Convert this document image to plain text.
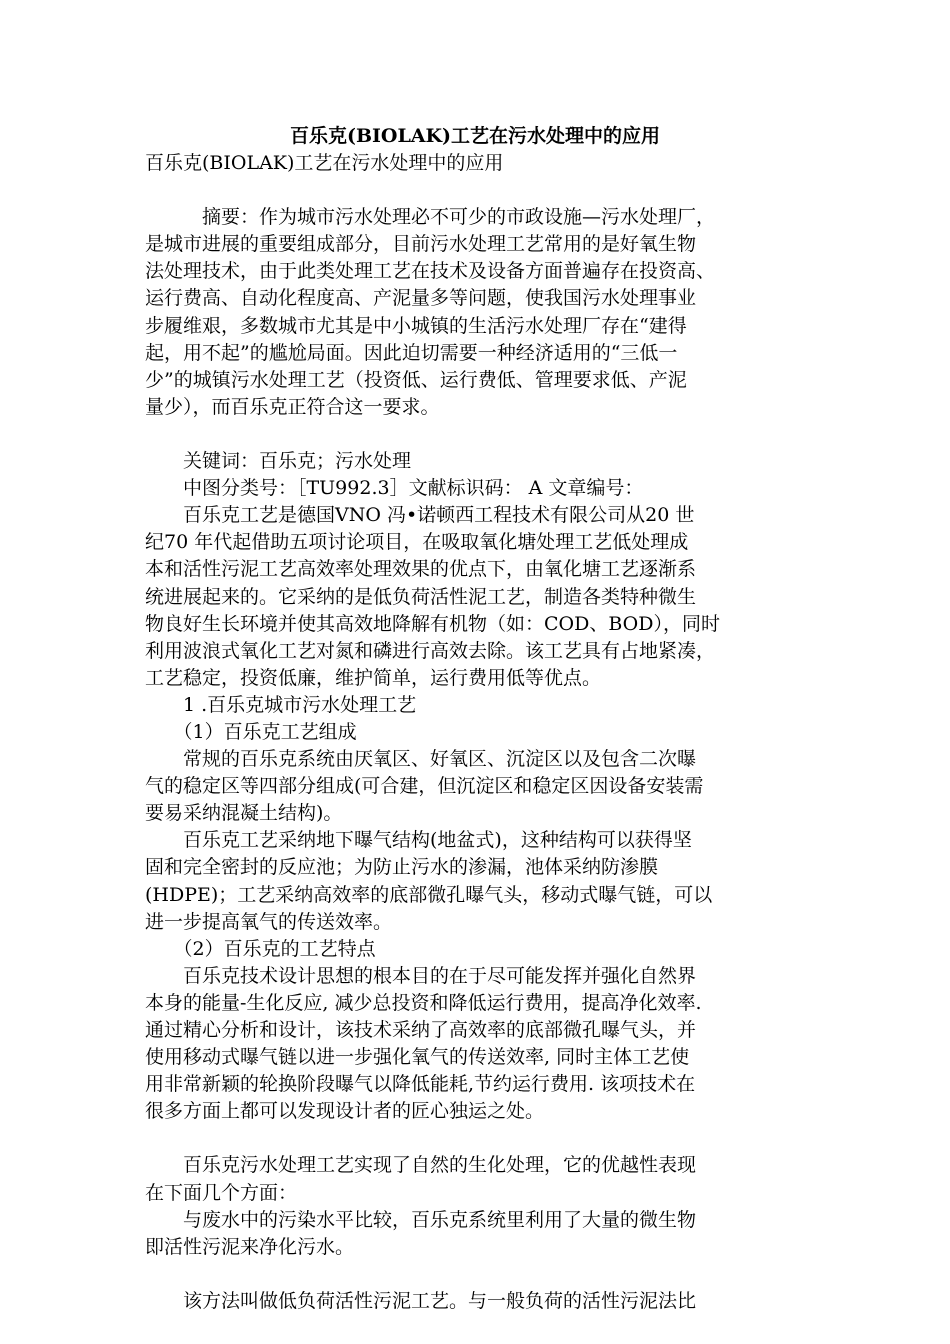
百乐克(BIOLAK)工艺在污水处理中的应用
百乐克(BIOLAK)工艺在污水处理中的应用
　　　摘要：作为城市污水处理必不可少的市政设施—污水处理厂，
是城市进展的重要组成部分，目前污水处理工艺常用的是好氧生物
法处理技术，由于此类处理工艺在技术及设备方面普遍存在投资高、
运行费高、自动化程度高、产泥量多等问题，使我国污水处理事业
步履维艰，多数城市尤其是中小城镇的生活污水处理厂存在“建得
起，用不起”的尴尬局面。因此迫切需要一种经济适用的“三低一
少”的城镇污水处理工艺（投资低、运行费低、管理要求低、产泥
量少），而百乐克正符合这一要求。
　　关键词：百乐克；污水处理
　　中图分类号：［TU992.3］文献标识码： A 文章编号：
　　百乐克工艺是德国VNO 冯•诺顿西工程技术有限公司从20 世
纪70 年代起借助五项讨论项目，在吸取氧化塘处理工艺低处理成
本和活性污泥工艺高效率处理效果的优点下，由氧化塘工艺逐渐系
统进展起来的。它采纳的是低负荷活性泥工艺，制造各类特种微生
物良好生长环境并使其高效地降解有机物（如：COD、BOD），同时
利用波浪式氧化工艺对氮和磷进行高效去除。该工艺具有占地紧凑，
工艺稳定，投资低廉，维护简单，运行费用低等优点。
　　1 .百乐克城市污水处理工艺
　　（1）百乐克工艺组成
　　常规的百乐克系统由厌氧区、好氧区、沉淀区以及包含二次曝
气的稳定区等四部分组成(可合建，但沉淀区和稳定区因设备安装需
要易采纳混凝土结构)。
　　百乐克工艺采纳地下曝气结构(地盆式)，这种结构可以获得坚
固和完全密封的反应池；为防止污水的渗漏，池体采纳防渗膜
(HDPE)；工艺采纳高效率的底部微孔曝气头，移动式曝气链，可以
进一步提高氧气的传送效率。
　　（2）百乐克的工艺特点
　　百乐克技术设计思想的根本目的在于尽可能发挥并强化自然界
本身的能量-生化反应, 减少总投资和降低运行费用，提高净化效率.
通过精心分析和设计，该技术采纳了高效率的底部微孔曝气头，并
使用移动式曝气链以进一步强化氧气的传送效率, 同时主体工艺使
用非常新颖的轮换阶段曝气以降低能耗,节约运行费用. 该项技术在
很多方面上都可以发现设计者的匠心独运之处。
　　百乐克污水处理工艺实现了自然的生化处理，它的优越性表现
在下面几个方面：
　　与废水中的污染水平比较，百乐克系统里利用了大量的微生物
即活性污泥来净化污水。
　　该方法叫做低负荷活性污泥工艺。与一般负荷的活性污泥法比
